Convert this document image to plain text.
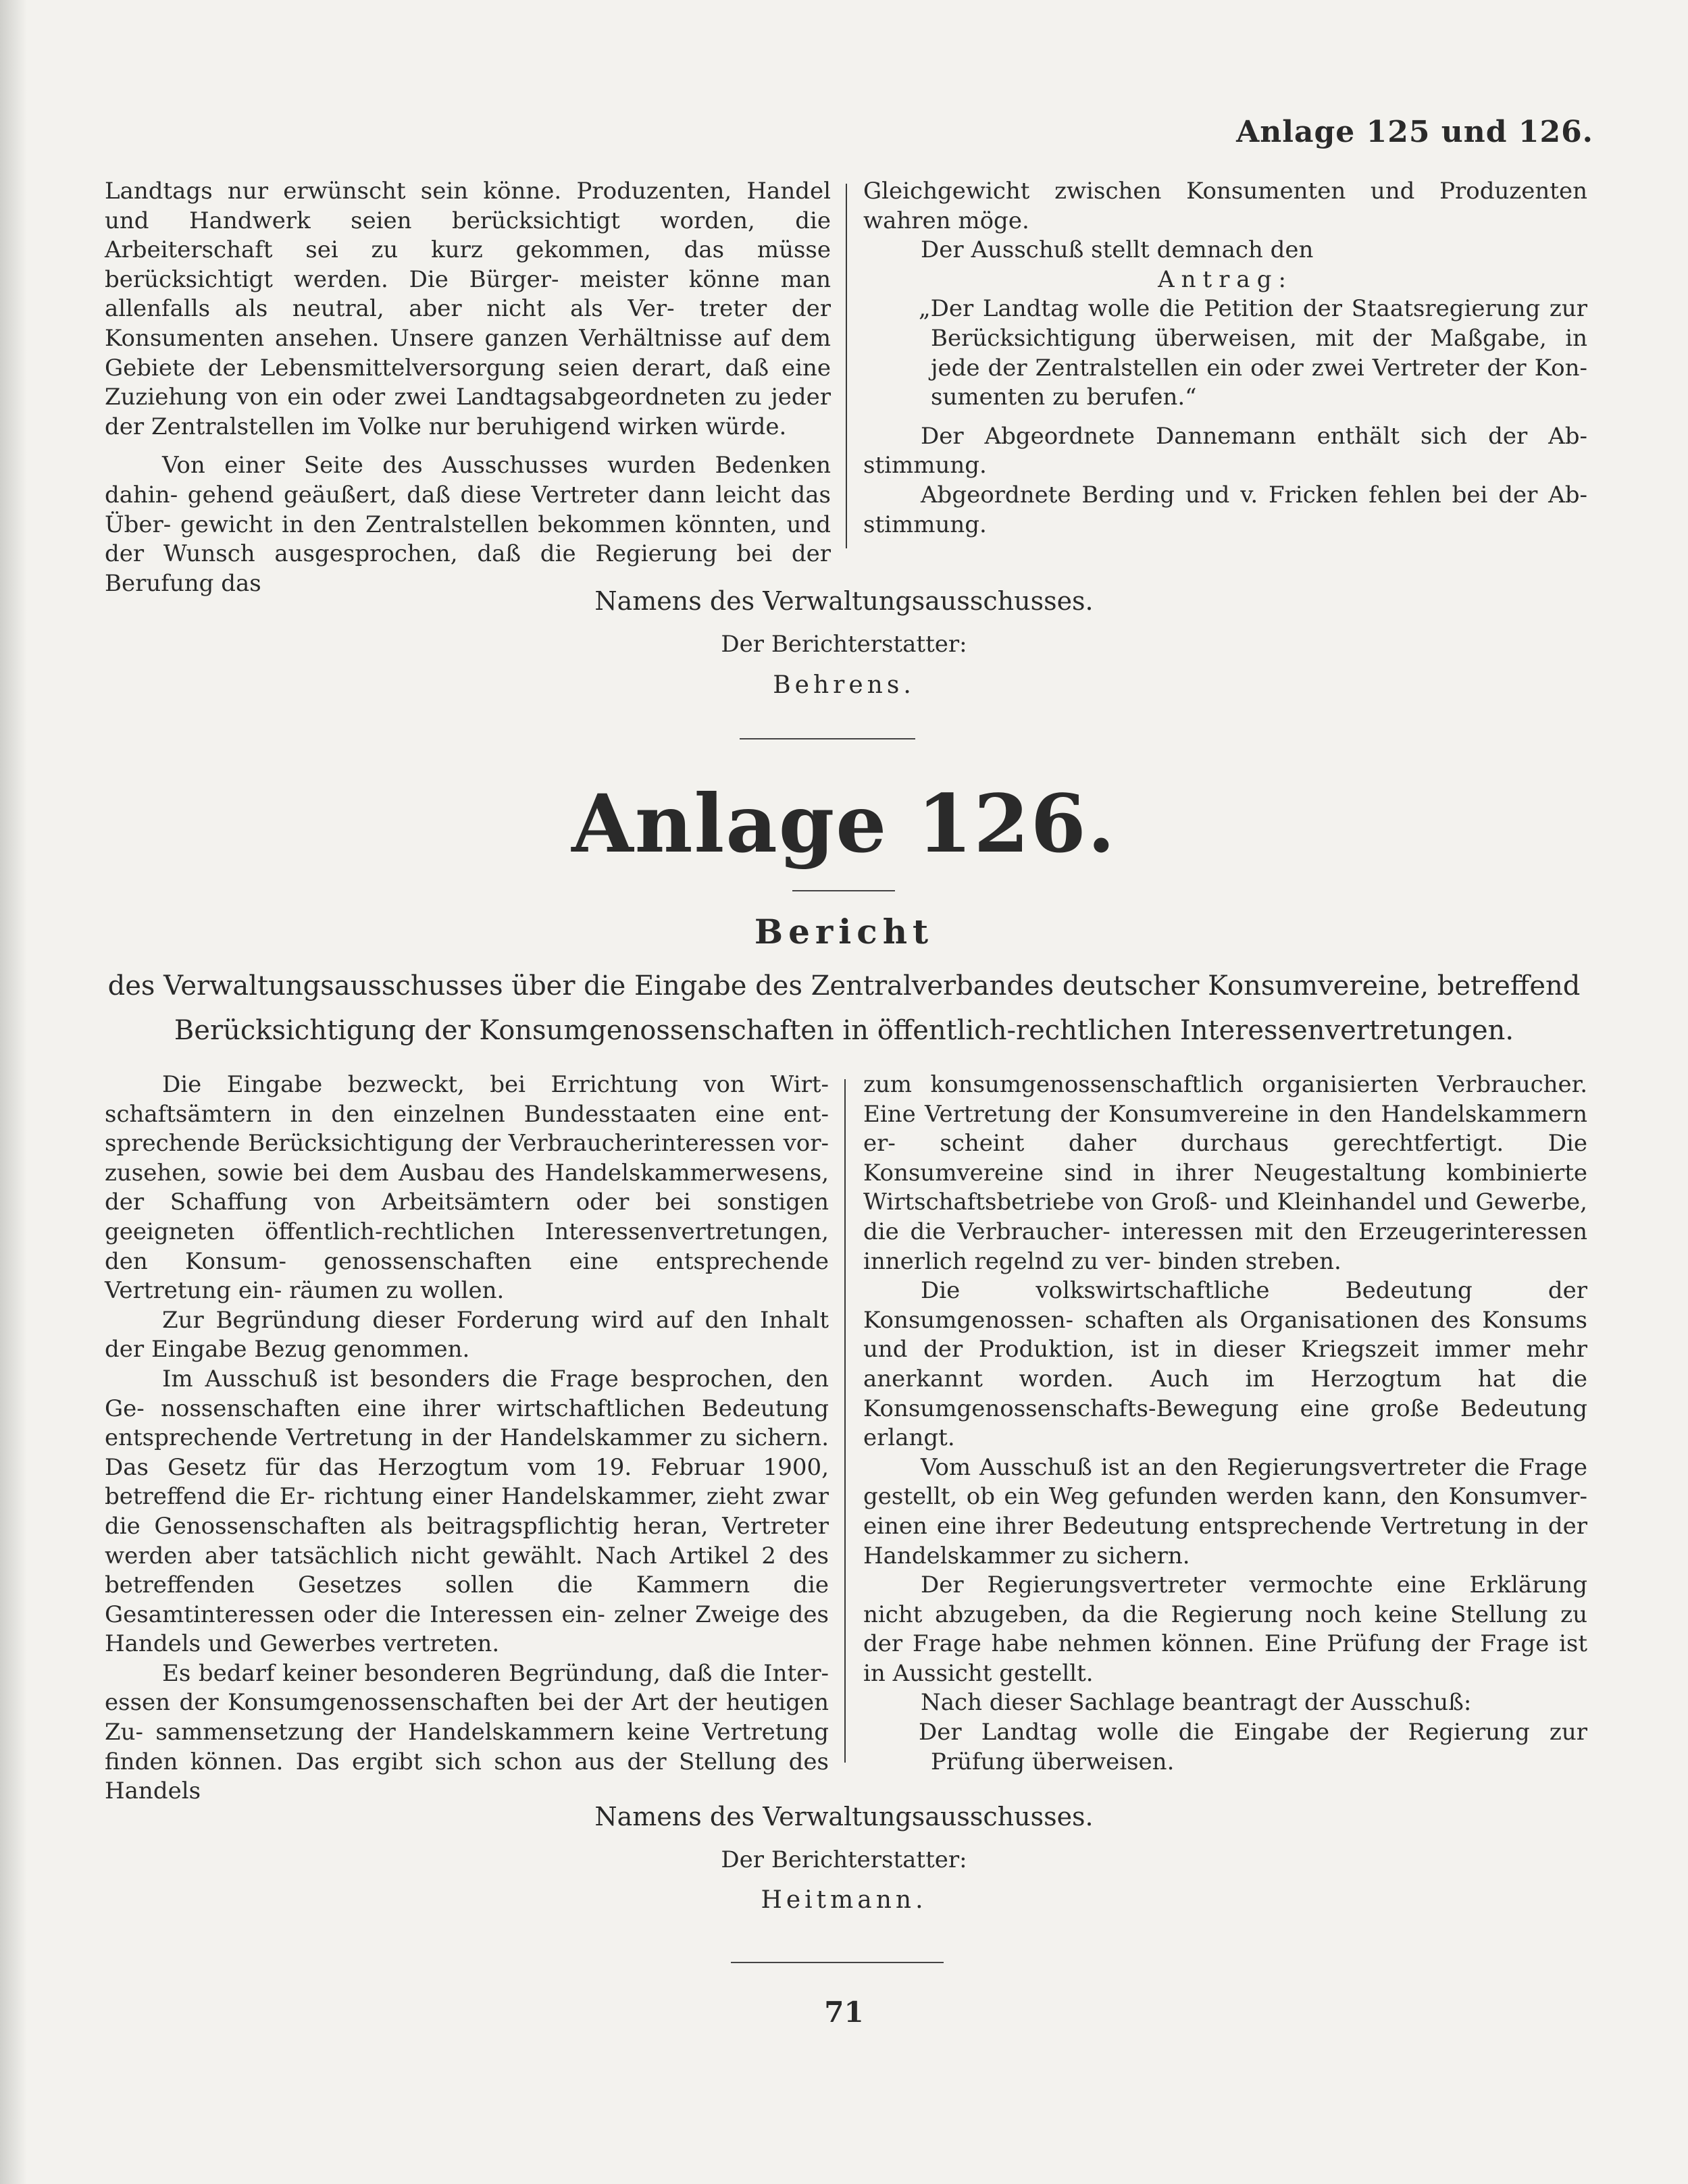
Anlage 125 und 126.

Landtags nur erwünscht sein könne. Produzenten, Handel und Handwerk seien berücksichtigt worden, die Arbeiterschaft sei zu kurz gekommen, das müsse berücksichtigt werden. Die Bürger- meister könne man allenfalls als neutral, aber nicht als Ver- treter der Konsumenten ansehen. Unsere ganzen Verhältnisse auf dem Gebiete der Lebensmittelversorgung seien derart, daß eine Zuziehung von ein oder zwei Landtagsabgeordneten zu jeder der Zentralstellen im Volke nur beruhigend wirken würde.

Von einer Seite des Ausschusses wurden Bedenken dahin- gehend geäußert, daß diese Vertreter dann leicht das Über- gewicht in den Zentralstellen bekommen könnten, und der Wunsch ausgesprochen, daß die Regierung bei der Berufung das

Gleichgewicht zwischen Konsumenten und Produzenten wahren möge.

Der Ausschuß stellt demnach den

Antrag:

„Der Landtag wolle die Petition der Staatsregierung zur Berücksichtigung überweisen, mit der Maßgabe, in jede der Zentralstellen ein oder zwei Vertreter der Kon- sumenten zu berufen.“

Der Abgeordnete Dannemann enthält sich der Ab- stimmung.

Abgeordnete Berding und v. Fricken fehlen bei der Ab- stimmung.

Namens des Verwaltungsausschusses.
Der Berichterstatter:
Behrens.
Anlage 126.
Bericht
des Verwaltungsausschusses über die Eingabe des Zentralverbandes deutscher Konsumvereine, betreffend
Berücksichtigung der Konsumgenossenschaften in öffentlich-rechtlichen Interessenvertretungen.

Die Eingabe bezweckt, bei Errichtung von Wirt- schaftsämtern in den einzelnen Bundesstaaten eine ent- sprechende Berücksichtigung der Verbraucherinteressen vor- zusehen, sowie bei dem Ausbau des Handelskammerwesens, der Schaffung von Arbeitsämtern oder bei sonstigen geeigneten öffentlich-rechtlichen Interessenvertretungen, den Konsum- genossenschaften eine entsprechende Vertretung ein- räumen zu wollen.

Zur Begründung dieser Forderung wird auf den Inhalt der Eingabe Bezug genommen.

Im Ausschuß ist besonders die Frage besprochen, den Ge- nossenschaften eine ihrer wirtschaftlichen Bedeutung entsprechende Vertretung in der Handelskammer zu sichern. Das Gesetz für das Herzogtum vom 19. Februar 1900, betreffend die Er- richtung einer Handelskammer, zieht zwar die Genossenschaften als beitragspflichtig heran, Vertreter werden aber tatsächlich nicht gewählt. Nach Artikel 2 des betreffenden Gesetzes sollen die Kammern die Gesamtinteressen oder die Interessen ein- zelner Zweige des Handels und Gewerbes vertreten.

Es bedarf keiner besonderen Begründung, daß die Inter- essen der Konsumgenossenschaften bei der Art der heutigen Zu- sammensetzung der Handelskammern keine Vertretung finden können. Das ergibt sich schon aus der Stellung des Handels

zum konsumgenossenschaftlich organisierten Verbraucher. Eine Vertretung der Konsumvereine in den Handelskammern er- scheint daher durchaus gerechtfertigt. Die Konsumvereine sind in ihrer Neugestaltung kombinierte Wirtschaftsbetriebe von Groß- und Kleinhandel und Gewerbe, die die Verbraucher- interessen mit den Erzeugerinteressen innerlich regelnd zu ver- binden streben.

Die volkswirtschaftliche Bedeutung der Konsumgenossen- schaften als Organisationen des Konsums und der Produktion, ist in dieser Kriegszeit immer mehr anerkannt worden. Auch im Herzogtum hat die Konsumgenossenschafts-Bewegung eine große Bedeutung erlangt.

Vom Ausschuß ist an den Regierungsvertreter die Frage gestellt, ob ein Weg gefunden werden kann, den Konsumver- einen eine ihrer Bedeutung entsprechende Vertretung in der Handelskammer zu sichern.

Der Regierungsvertreter vermochte eine Erklärung nicht abzugeben, da die Regierung noch keine Stellung zu der Frage habe nehmen können. Eine Prüfung der Frage ist in Aussicht gestellt.

Nach dieser Sachlage beantragt der Ausschuß:

Der Landtag wolle die Eingabe der Regierung zur Prüfung überweisen.

Namens des Verwaltungsausschusses.
Der Berichterstatter:
Heitmann.
71
